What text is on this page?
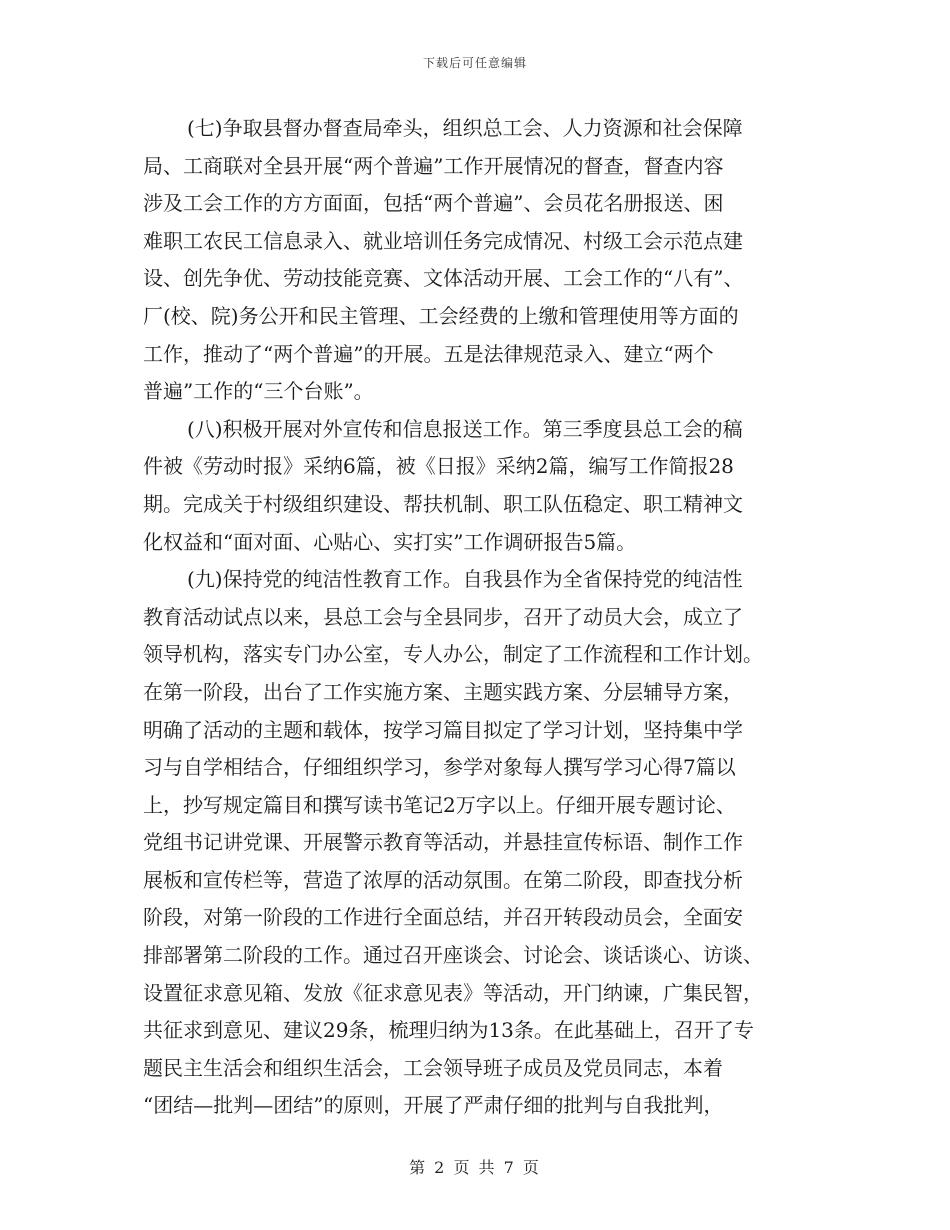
下载后可任意编辑
(七)争取县督办督查局牵头，组织总工会、人力资源和社会保障
局、工商联对全县开展“两个普遍”工作开展情况的督查，督查内容
涉及工会工作的方方面面，包括“两个普遍”、会员花名册报送、困
难职工农民工信息录入、就业培训任务完成情况、村级工会示范点建
设、创先争优、劳动技能竞赛、文体活动开展、工会工作的“八有”、
厂(校、院)务公开和民主管理、工会经费的上缴和管理使用等方面的
工作，推动了“两个普遍”的开展。五是法律规范录入、建立“两个
普遍”工作的“三个台账”。
(八)积极开展对外宣传和信息报送工作。第三季度县总工会的稿
件被《劳动时报》采纳6篇，被《日报》采纳2篇，编写工作简报28
期。完成关于村级组织建设、帮扶机制、职工队伍稳定、职工精神文
化权益和“面对面、心贴心、实打实”工作调研报告5篇。
(九)保持党的纯洁性教育工作。自我县作为全省保持党的纯洁性
教育活动试点以来，县总工会与全县同步，召开了动员大会，成立了
领导机构，落实专门办公室，专人办公，制定了工作流程和工作计划。
在第一阶段，出台了工作实施方案、主题实践方案、分层辅导方案，
明确了活动的主题和载体，按学习篇目拟定了学习计划，坚持集中学
习与自学相结合，仔细组织学习，参学对象每人撰写学习心得7篇以
上，抄写规定篇目和撰写读书笔记2万字以上。仔细开展专题讨论、
党组书记讲党课、开展警示教育等活动，并悬挂宣传标语、制作工作
展板和宣传栏等，营造了浓厚的活动氛围。在第二阶段，即查找分析
阶段，对第一阶段的工作进行全面总结，并召开转段动员会，全面安
排部署第二阶段的工作。通过召开座谈会、讨论会、谈话谈心、访谈、
设置征求意见箱、发放《征求意见表》等活动，开门纳谏，广集民智，
共征求到意见、建议29条，梳理归纳为13条。在此基础上，召开了专
题民主生活会和组织生活会，工会领导班子成员及党员同志，本着
“团结—批判—团结”的原则，开展了严肃仔细的批判与自我批判，
第 2 页 共 7 页
